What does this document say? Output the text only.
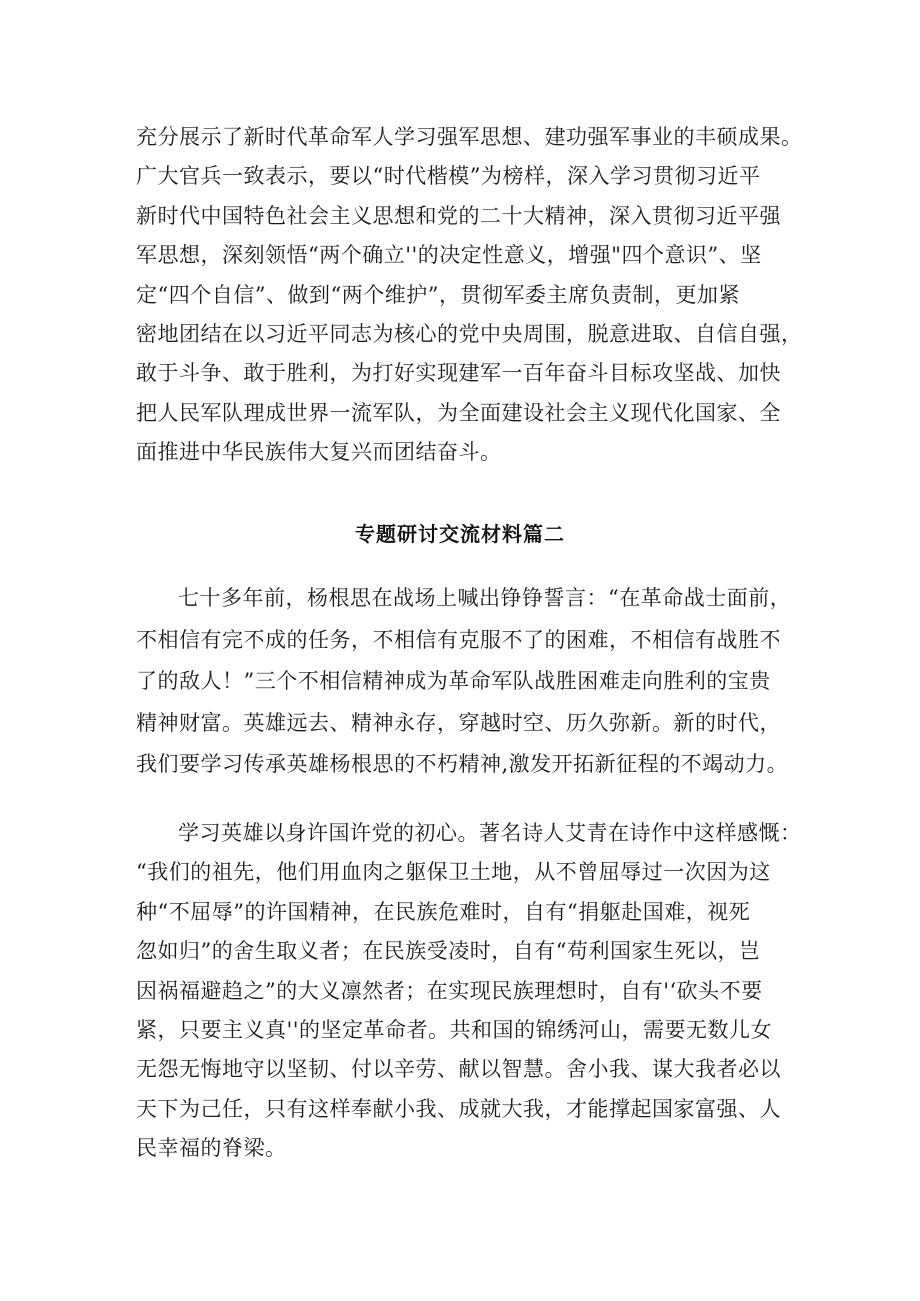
充分展示了新时代革命军人学习强军思想、建功强军事业的丰硕成果。
广大官兵一致表示，要以“时代楷模”为榜样，深入学习贯彻习近平
新时代中国特色社会主义思想和党的二十大精神，深入贯彻习近平强
军思想，深刻领悟“两个确立''的决定性意义，增强"四个意识”、坚
定“四个自信”、做到“两个维护”，贯彻军委主席负责制，更加紧
密地团结在以习近平同志为核心的党中央周围，脱意进取、自信自强，
敢于斗争、敢于胜利，为打好实现建军一百年奋斗目标攻坚战、加快
把人民军队理成世界一流军队，为全面建设社会主义现代化国家、全
面推进中华民族伟大复兴而团结奋斗。
专题研讨交流材料篇二
七十多年前，杨根思在战场上喊出铮铮誓言：“在革命战士面前，
不相信有完不成的任务，不相信有克服不了的困难，不相信有战胜不
了的敌人！”三个不相信精神成为革命军队战胜困难走向胜利的宝贵
精神财富。英雄远去、精神永存，穿越时空、历久弥新。新的时代，
我们要学习传承英雄杨根思的不朽精神,激发开拓新征程的不竭动力。
学习英雄以身许国许党的初心。著名诗人艾青在诗作中这样感慨：
“我们的祖先，他们用血肉之躯保卫土地，从不曾屈辱过一次因为这
种“不屈辱”的许国精神，在民族危难时，自有“捐躯赴国难，视死
忽如归”的舍生取义者；在民族受凌时，自有“苟利国家生死以，岂
因祸福避趋之”的大义凛然者；在实现民族理想时，自有'‘砍头不要
紧，只要主义真''的坚定革命者。共和国的锦绣河山，需要无数儿女
无怨无悔地守以坚韧、付以辛劳、献以智慧。舍小我、谋大我者必以
天下为己任，只有这样奉献小我、成就大我，才能撑起国家富强、人
民幸福的脊梁。
